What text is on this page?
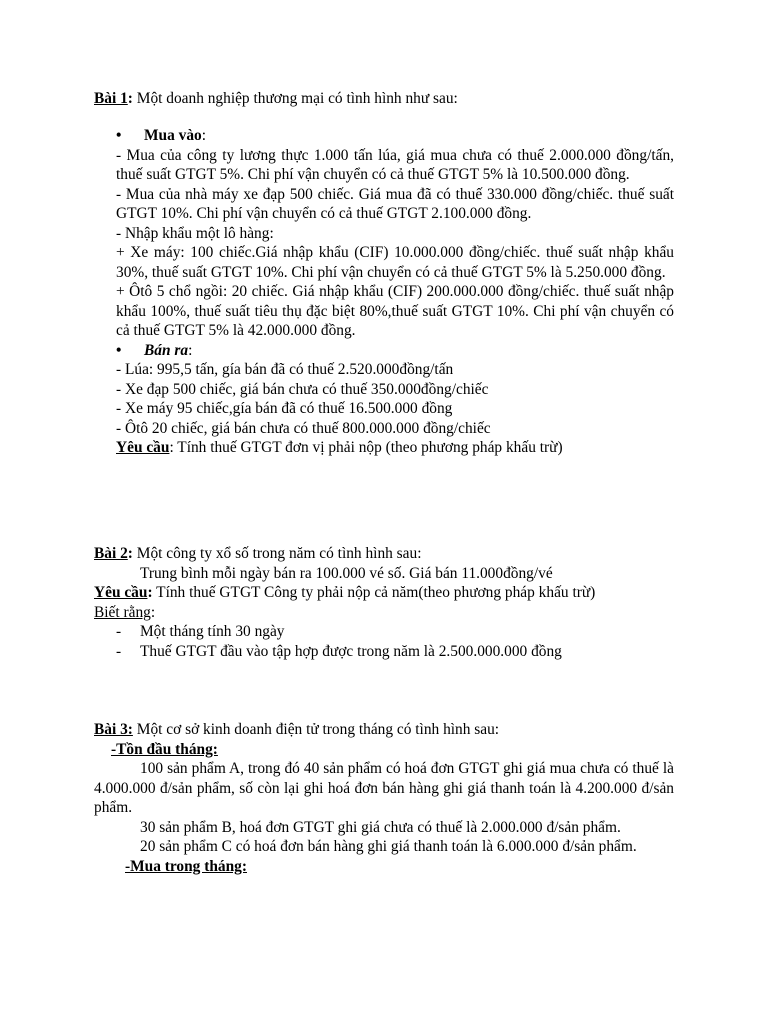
Bài 1: Một doanh nghiệp thương mại có tình hình như sau:

• Mua vào:

- Mua của công ty lương thực 1.000 tấn lúa, giá mua chưa có thuế 2.000.000 đồng/tấn, thuế suất GTGT 5%. Chi phí vận chuyển có cả thuế GTGT 5% là 10.500.000 đồng.

- Mua của nhà máy xe đạp 500 chiếc. Giá mua đã có thuế 330.000 đồng/chiếc. thuế suất GTGT 10%. Chi phí vận chuyển có cả thuế GTGT 2.100.000 đồng.

- Nhập khẩu một lô hàng:

+ Xe máy: 100 chiếc.Giá nhập khẩu (CIF) 10.000.000 đồng/chiếc. thuế suất nhập khẩu 30%, thuế suất GTGT 10%. Chi phí vận chuyển có cả thuế GTGT 5% là 5.250.000 đồng.

+ Ôtô 5 chổ ngồi: 20 chiếc. Giá nhập khẩu (CIF) 200.000.000 đồng/chiếc. thuế suất nhập khẩu 100%, thuế suất tiêu thụ đặc biệt 80%,thuế suất GTGT 10%. Chi phí vận chuyển có cả thuế GTGT 5% là 42.000.000 đồng.

• Bán ra:

- Lúa: 995,5 tấn, gía bán đã có thuế 2.520.000đồng/tấn

- Xe đạp 500 chiếc, giá bán chưa có thuế 350.000đồng/chiếc

- Xe máy 95 chiếc,gía bán đã có thuế 16.500.000 đồng

- Ôtô 20 chiếc, giá bán chưa có thuế 800.000.000 đồng/chiếc

Yêu cầu: Tính thuế GTGT đơn vị phải nộp (theo phương pháp khấu trừ)

Bài 2: Một công ty xổ số trong năm có tình hình sau:

Trung bình mỗi ngày bán ra 100.000 vé số. Giá bán 11.000đồng/vé

Yêu cầu: Tính thuế GTGT Công ty phải nộp cả năm(theo phương pháp khấu trừ)

Biết rằng:

- Một tháng tính 30 ngày

- Thuế GTGT đầu vào tập hợp được trong năm là 2.500.000.000 đồng

Bài 3: Một cơ sở kinh doanh điện tử trong tháng có tình hình sau:

-Tồn đầu tháng:

100 sản phẩm A, trong đó 40 sản phẩm có hoá đơn GTGT ghi giá mua chưa có thuế là 4.000.000 đ/sản phẩm, số còn lại ghi hoá đơn bán hàng ghi giá thanh toán là 4.200.000 đ/sản phẩm.

30 sản phẩm B, hoá đơn GTGT ghi giá chưa có thuế là 2.000.000 đ/sản phẩm.

20 sản phẩm C có hoá đơn bán hàng ghi giá thanh toán là 6.000.000 đ/sản phẩm.

-Mua trong tháng:
